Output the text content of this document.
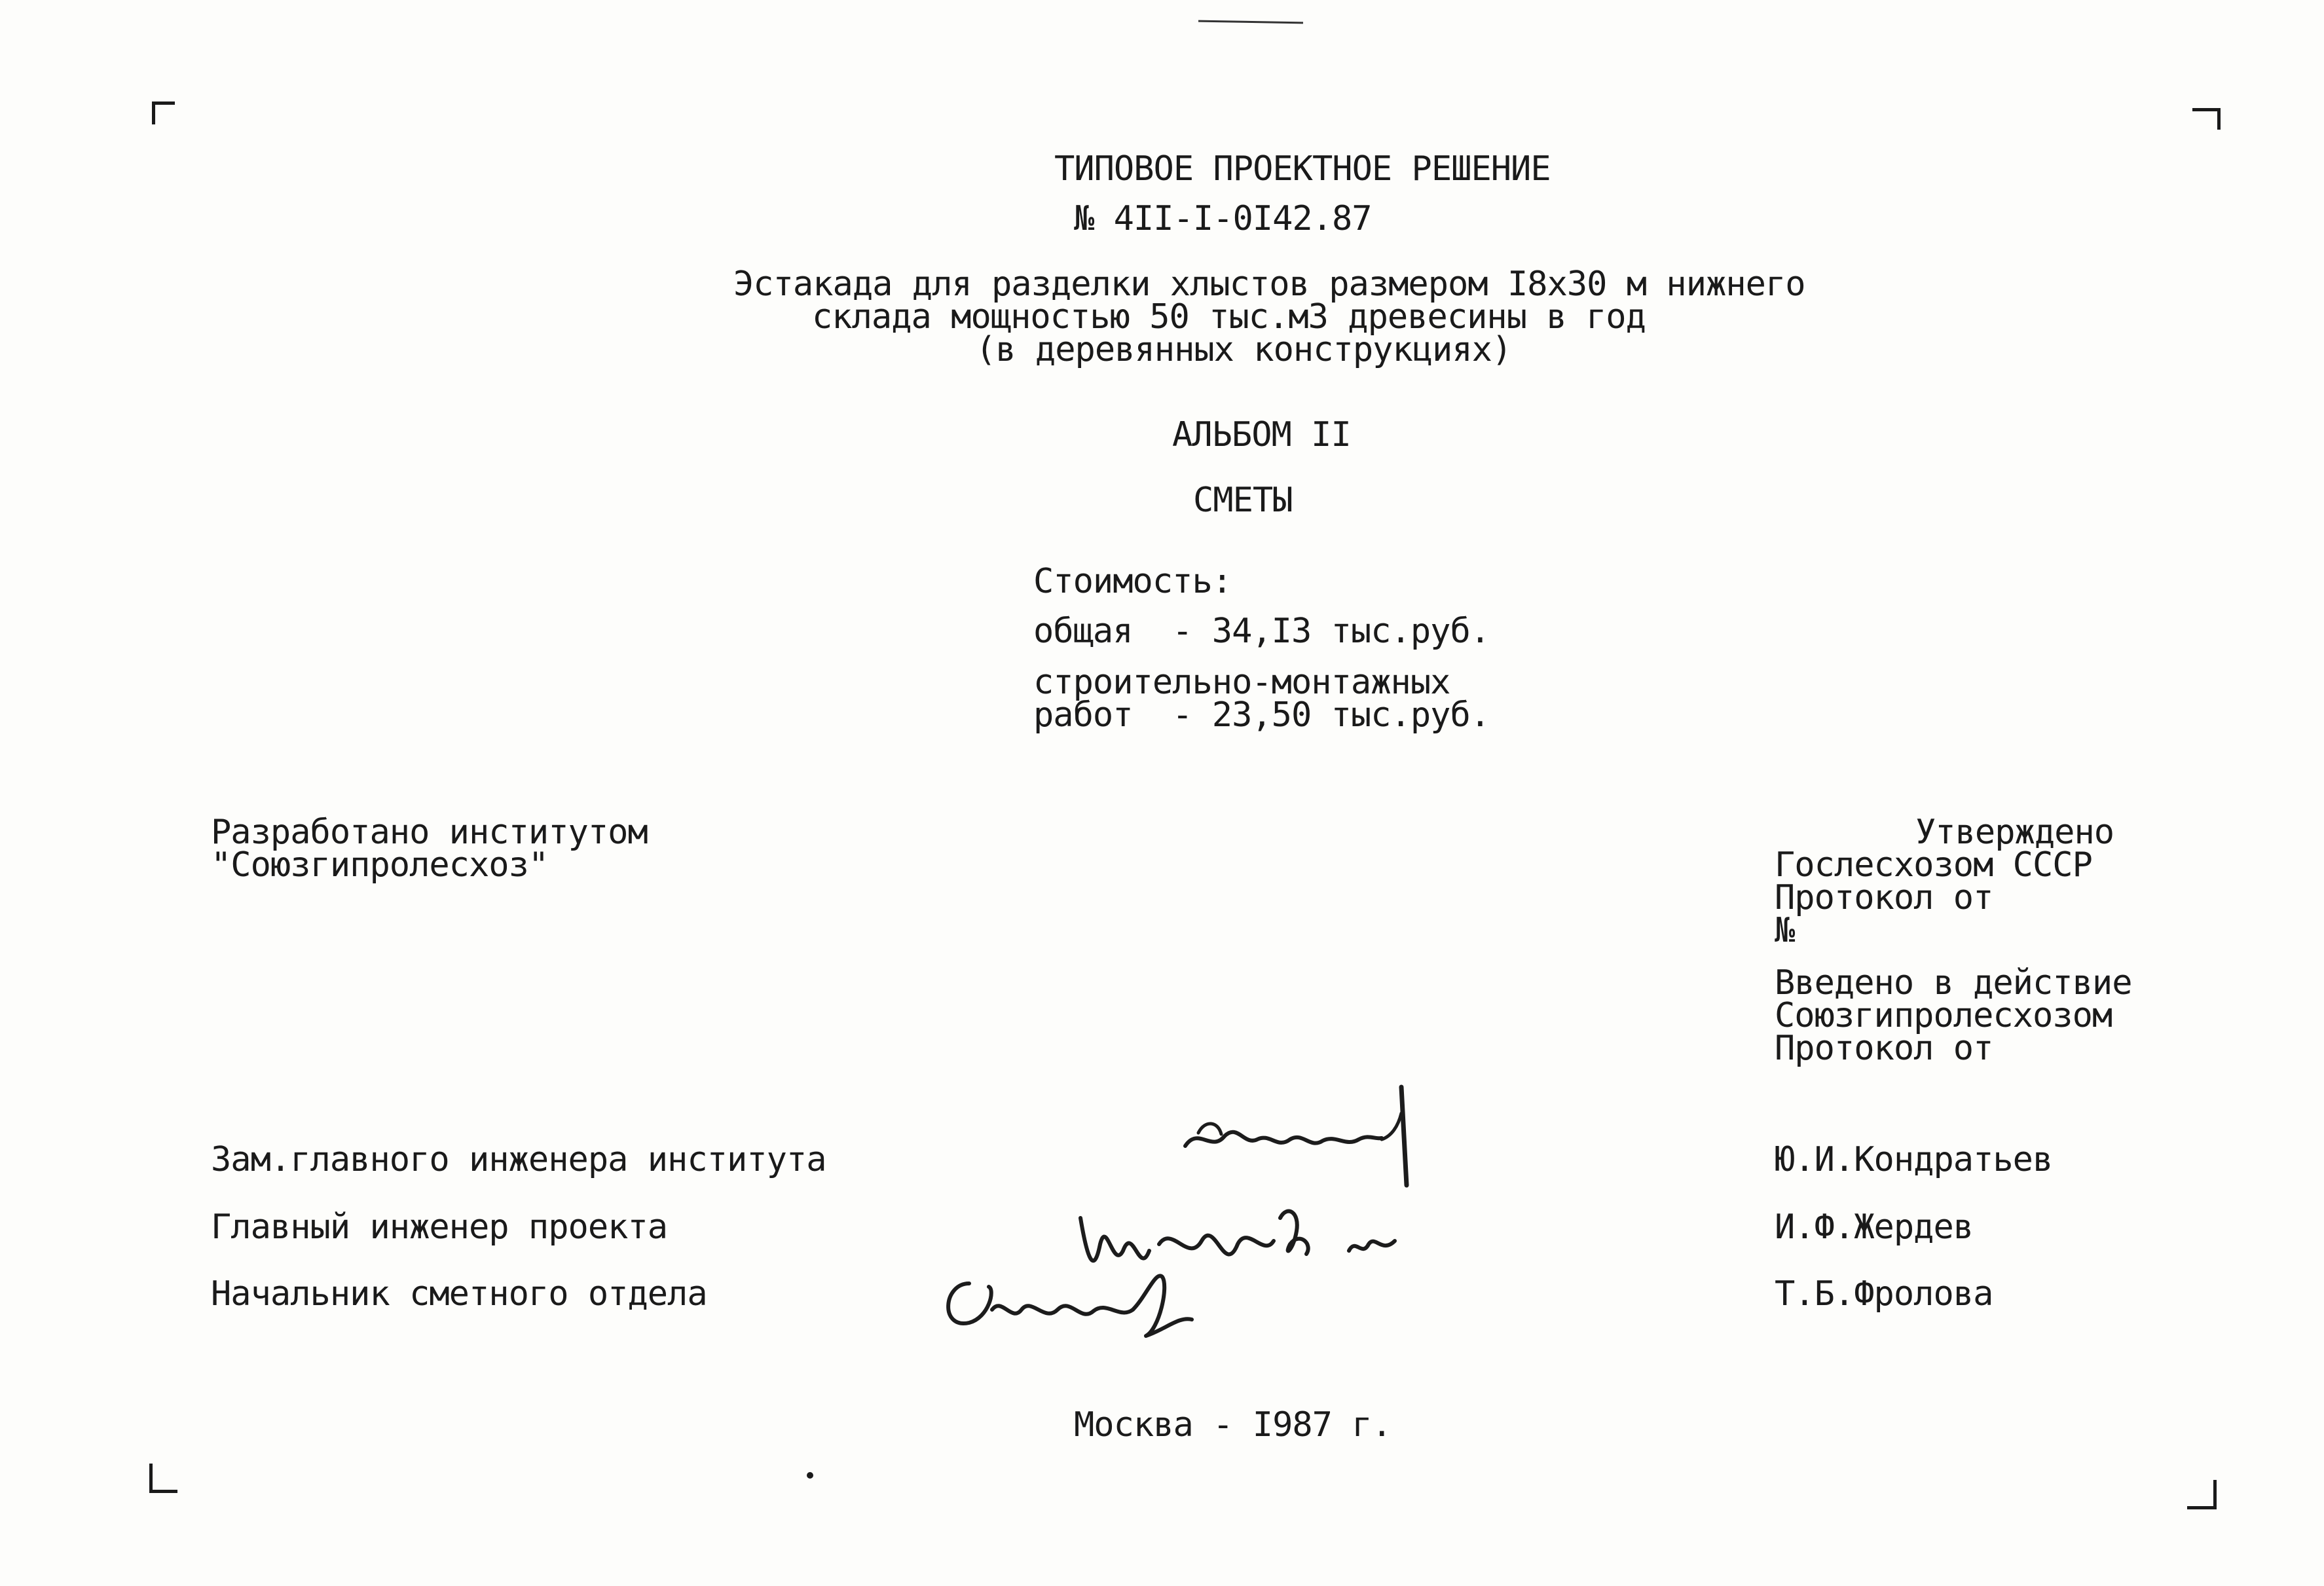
ТИПОВОЕ ПРОЕКТНОЕ РЕШЕНИЕ
№ 4II-I-0I42.87
Эстакада для разделки хлыстов размером I8x30 м нижнего
склада мощностью 50 тыс.м3 древесины в год
(в деревянных конструкциях)
АЛЬБОМ II
СМЕТЫ
Стоимость:
общая  - 34,I3 тыс.руб.
строительно-монтажных
работ  - 23,50 тыс.руб.
Разработано институтом
"Союзгипролесхоз"
Утверждено
Гослесхозом СССР
Протокол от
№
Введено в действие
Союзгипролесхозом
Протокол от
Зам.главного инженера института	Ю.И.Кондратьев
Главный инженер проекта	И.Ф.Жердев
Начальник сметного отдела	Т.Б.Фролова
Москва - I987 г.
